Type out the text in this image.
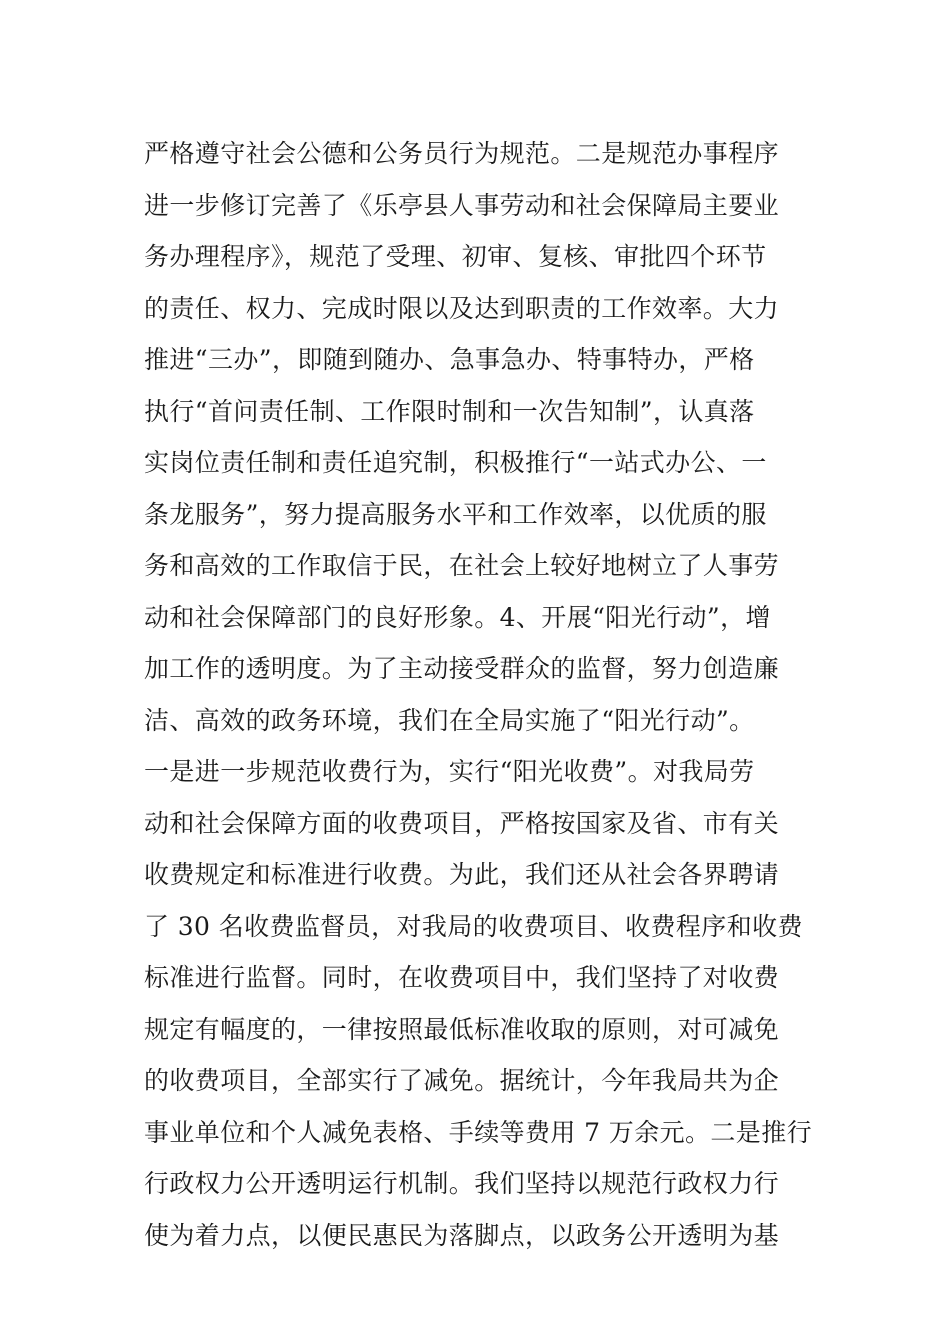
严格遵守社会公德和公务员行为规范。二是规范办事程序
进一步修订完善了《乐亭县人事劳动和社会保障局主要业
务办理程序》，规范了受理、初审、复核、审批四个环节
的责任、权力、完成时限以及达到职责的工作效率。大力
推进“三办”，即随到随办、急事急办、特事特办，严格
执行“首问责任制、工作限时制和一次告知制”，认真落
实岗位责任制和责任追究制，积极推行“一站式办公、一
条龙服务”，努力提高服务水平和工作效率，以优质的服
务和高效的工作取信于民，在社会上较好地树立了人事劳
动和社会保障部门的良好形象。4、开展“阳光行动”，增
加工作的透明度。为了主动接受群众的监督，努力创造廉
洁、高效的政务环境，我们在全局实施了“阳光行动”。
一是进一步规范收费行为，实行“阳光收费”。对我局劳
动和社会保障方面的收费项目，严格按国家及省、市有关
收费规定和标准进行收费。为此，我们还从社会各界聘请
了 30 名收费监督员，对我局的收费项目、收费程序和收费
标准进行监督。同时，在收费项目中，我们坚持了对收费
规定有幅度的，一律按照最低标准收取的原则，对可减免
的收费项目，全部实行了减免。据统计，今年我局共为企
事业单位和个人减免表格、手续等费用 7 万余元。二是推行
行政权力公开透明运行机制。我们坚持以规范行政权力行
使为着力点，以便民惠民为落脚点，以政务公开透明为基
